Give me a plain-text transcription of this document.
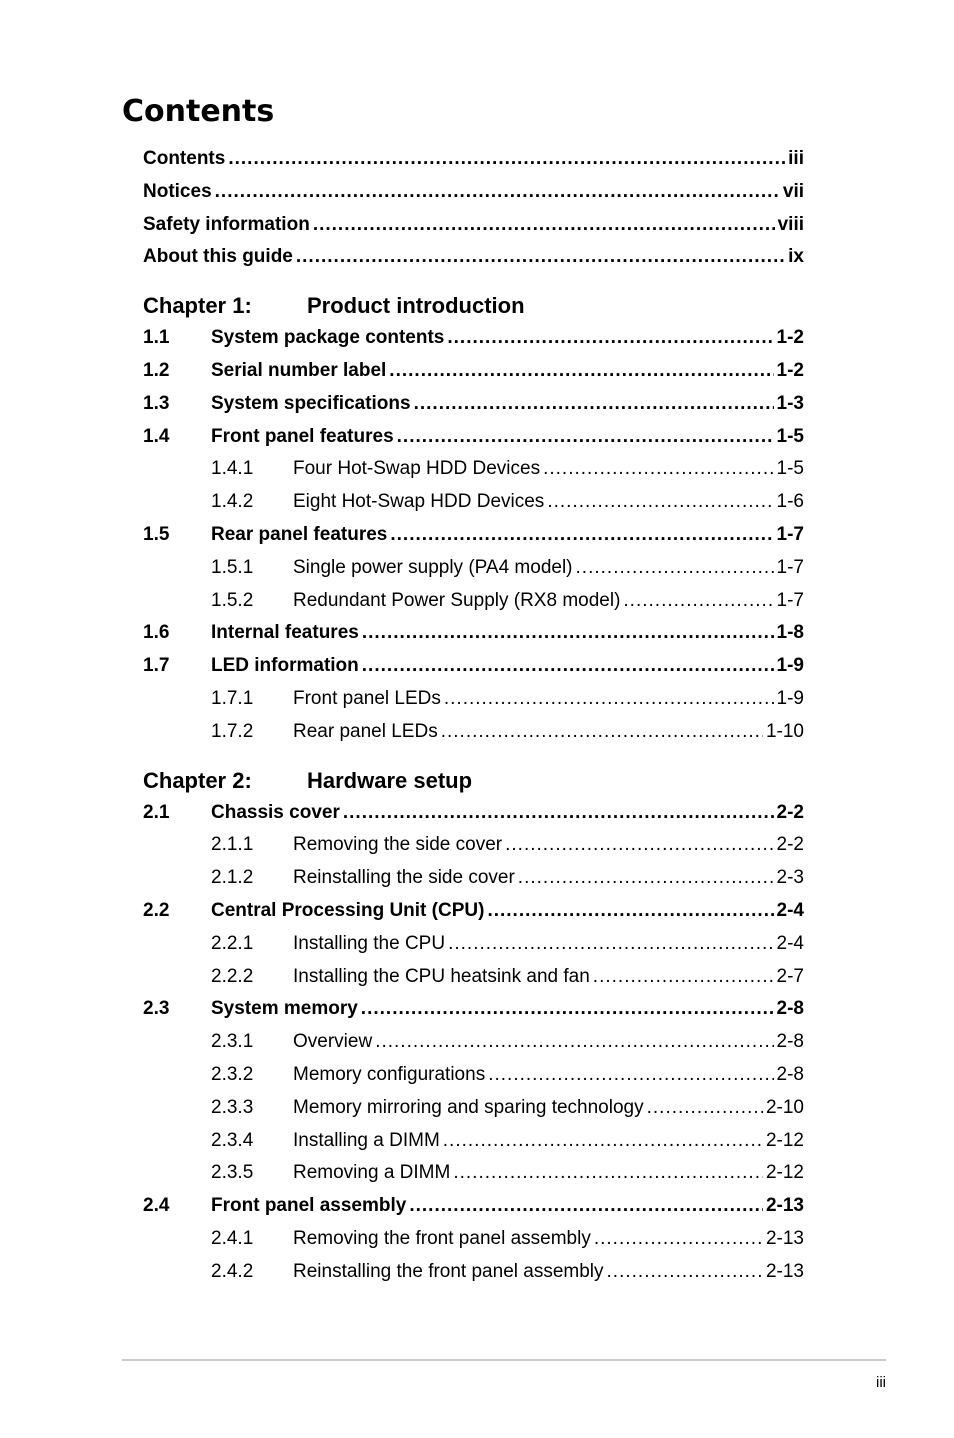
Contents
Contents .....	iii
Notices .....	vii
Safety information .....	viii
About this guide .....	ix
Chapter 1:	Product introduction
1.1	System package contents .....	1-2
1.2	Serial number label .....	1-2
1.3	System specifications .....	1-3
1.4	Front panel features .....	1-5
1.4.1	Four Hot-Swap HDD Devices .....	1-5
1.4.2	Eight Hot-Swap HDD Devices .....	1-6
1.5	Rear panel features .....	1-7
1.5.1	Single power supply (PA4 model) .....	1-7
1.5.2	Redundant Power Supply (RX8 model) .....	1-7
1.6	Internal features .....	1-8
1.7	LED information .....	1-9
1.7.1	Front panel LEDs .....	1-9
1.7.2	Rear panel LEDs .....	1-10
Chapter 2:	Hardware setup
2.1	Chassis cover .....	2-2
2.1.1	Removing the side cover .....	2-2
2.1.2	Reinstalling the side cover .....	2-3
2.2	Central Processing Unit (CPU) .....	2-4
2.2.1	Installing the CPU .....	2-4
2.2.2	Installing the CPU heatsink and fan .....	2-7
2.3	System memory .....	2-8
2.3.1	Overview .....	2-8
2.3.2	Memory configurations .....	2-8
2.3.3	Memory mirroring and sparing technology .....	2-10
2.3.4	Installing a DIMM .....	2-12
2.3.5	Removing a DIMM .....	2-12
2.4	Front panel assembly .....	2-13
2.4.1	Removing the front panel assembly .....	2-13
2.4.2	Reinstalling the front panel assembly .....	2-13
iii
